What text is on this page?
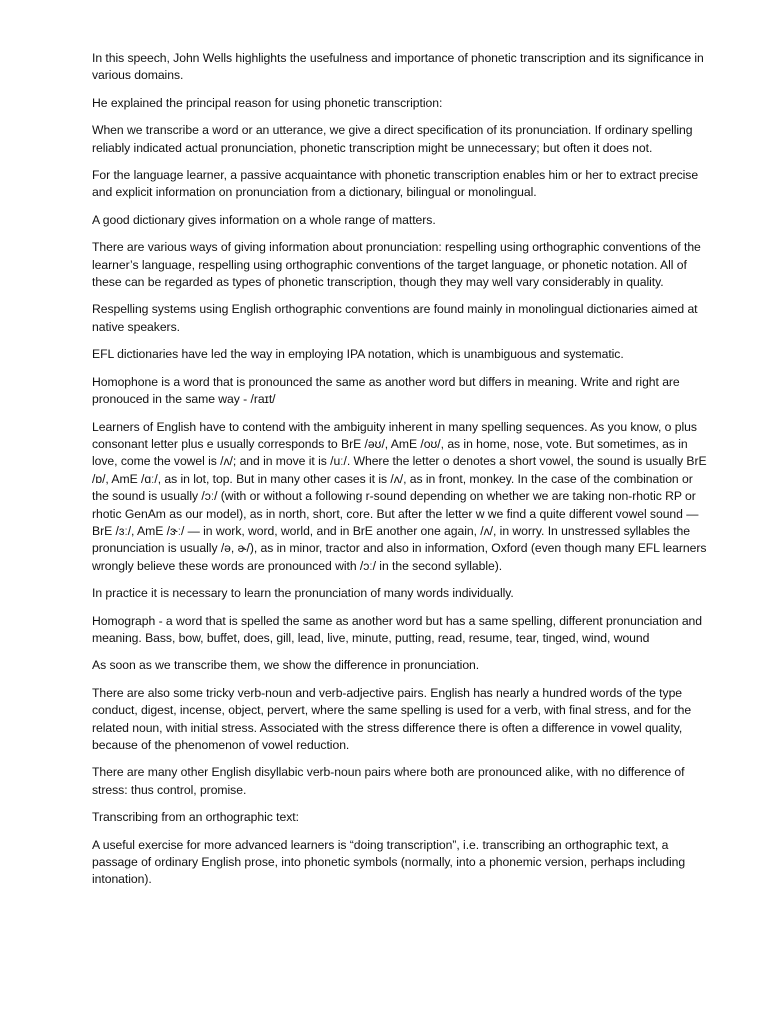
In this speech, John Wells highlights the usefulness and importance of phonetic transcription and its significance in various domains.

He explained the principal reason for using phonetic transcription:

When we transcribe a word or an utterance, we give a direct specification of its pronunciation. If ordinary spelling reliably indicated actual pronunciation, phonetic transcription might be unnecessary; but often it does not.

For the language learner, a passive acquaintance with phonetic transcription enables him or her to extract precise and explicit information on pronunciation from a dictionary, bilingual or monolingual.

A good dictionary gives information on a whole range of matters.

There are various ways of giving information about pronunciation: respelling using orthographic conventions of the learner’s language, respelling using orthographic conventions of the target language, or phonetic notation. All of these can be regarded as types of phonetic transcription, though they may well vary considerably in quality.

Respelling systems using English orthographic conventions are found mainly in monolingual dictionaries aimed at native speakers.

EFL dictionaries have led the way in employing IPA notation, which is unambiguous and systematic.

Homophone is a word that is pronounced the same as another word but differs in meaning. Write and right are pronouced in the same way - /raɪt/

Learners of English have to contend with the ambiguity inherent in many spelling sequences. As you know, o plus consonant letter plus e usually corresponds to BrE /əʊ/, AmE /oʊ/, as in home, nose, vote. But sometimes, as in love, come the vowel is /ʌ/; and in move it is /uː/. Where the letter o denotes a short vowel, the sound is usually BrE /ɒ/, AmE /ɑː/, as in lot, top. But in many other cases it is /ʌ/, as in front, monkey. In the case of the combination or the sound is usually /ɔː/ (with or without a following r-sound depending on whether we are taking non-rhotic RP or rhotic GenAm as our model), as in north, short, core. But after the letter w we find a quite different vowel sound — BrE /ɜː/, AmE /ɝː/ — in work, word, world, and in BrE another one again, /ʌ/, in worry. In unstressed syllables the pronunciation is usually /ə, ɚ/), as in minor, tractor and also in information, Oxford (even though many EFL learners wrongly believe these words are pronounced with /ɔː/ in the second syllable).

In practice it is necessary to learn the pronunciation of many words individually.

Homograph - a word that is spelled the same as another word but has a same spelling, different pronunciation and meaning. Bass, bow, buffet, does, gill, lead, live, minute, putting, read, resume, tear, tinged, wind, wound

As soon as we transcribe them, we show the difference in pronunciation.

There are also some tricky verb-noun and verb-adjective pairs. English has nearly a hundred words of the type conduct, digest, incense, object, pervert, where the same spelling is used for a verb, with final stress, and for the related noun, with initial stress. Associated with the stress difference there is often a difference in vowel quality, because of the phenomenon of vowel reduction.

There are many other English disyllabic verb-noun pairs where both are pronounced alike, with no difference of stress: thus control, promise.

Transcribing from an orthographic text:

A useful exercise for more advanced learners is “doing transcription”, i.e. transcribing an orthographic text, a passage of ordinary English prose, into phonetic symbols (normally, into a phonemic version, perhaps including intonation).
